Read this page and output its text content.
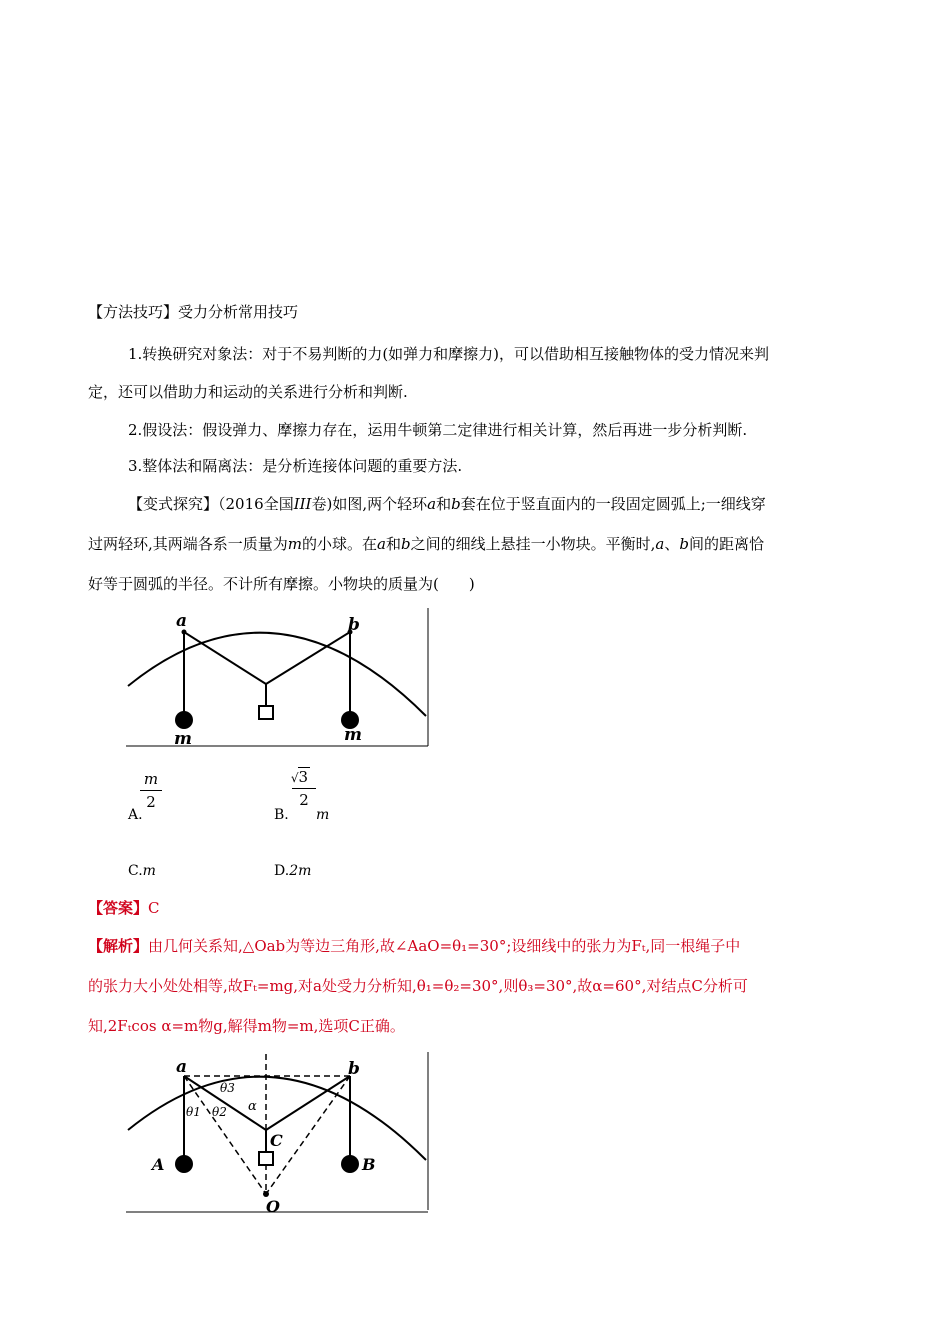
【方法技巧】受力分析常用技巧
1.转换研究对象法：对于不易判断的力(如弹力和摩擦力)，可以借助相互接触物体的受力情况来判
定，还可以借助力和运动的关系进行分析和判断.
2.假设法：假设弹力、摩擦力存在，运用牛顿第二定律进行相关计算，然后再进一步分析判断.
3.整体法和隔离法：是分析连接体问题的重要方法.
【变式探究】（2016全国III卷)如图,两个轻环a和b套在位于竖直面内的一段固定圆弧上;一细线穿
过两轻环,其两端各系一质量为m的小球。在a和b之间的细线上悬挂一小物块。平衡时,a、b间的距离恰
好等于圆弧的半径。不计所有摩擦。小物块的质量为(　　)
a	b
m	m
A.
m
2
B.
√3
2
m
C.m	D.2m
【答案】C
【解析】由几何关系知,△Oab为等边三角形,故∠AaO=θ₁=30°;设细线中的张力为Fₜ,同一根绳子中
的张力大小处处相等,故Fₜ=mg,对a处受力分析知,θ₁=θ₂=30°,则θ₃=30°,故α=60°,对结点C分析可
知,2Fₜcos α=m物g,解得m物=m,选项C正确。
a	b
A	B
C
O
θ1 θ2
θ3
α
